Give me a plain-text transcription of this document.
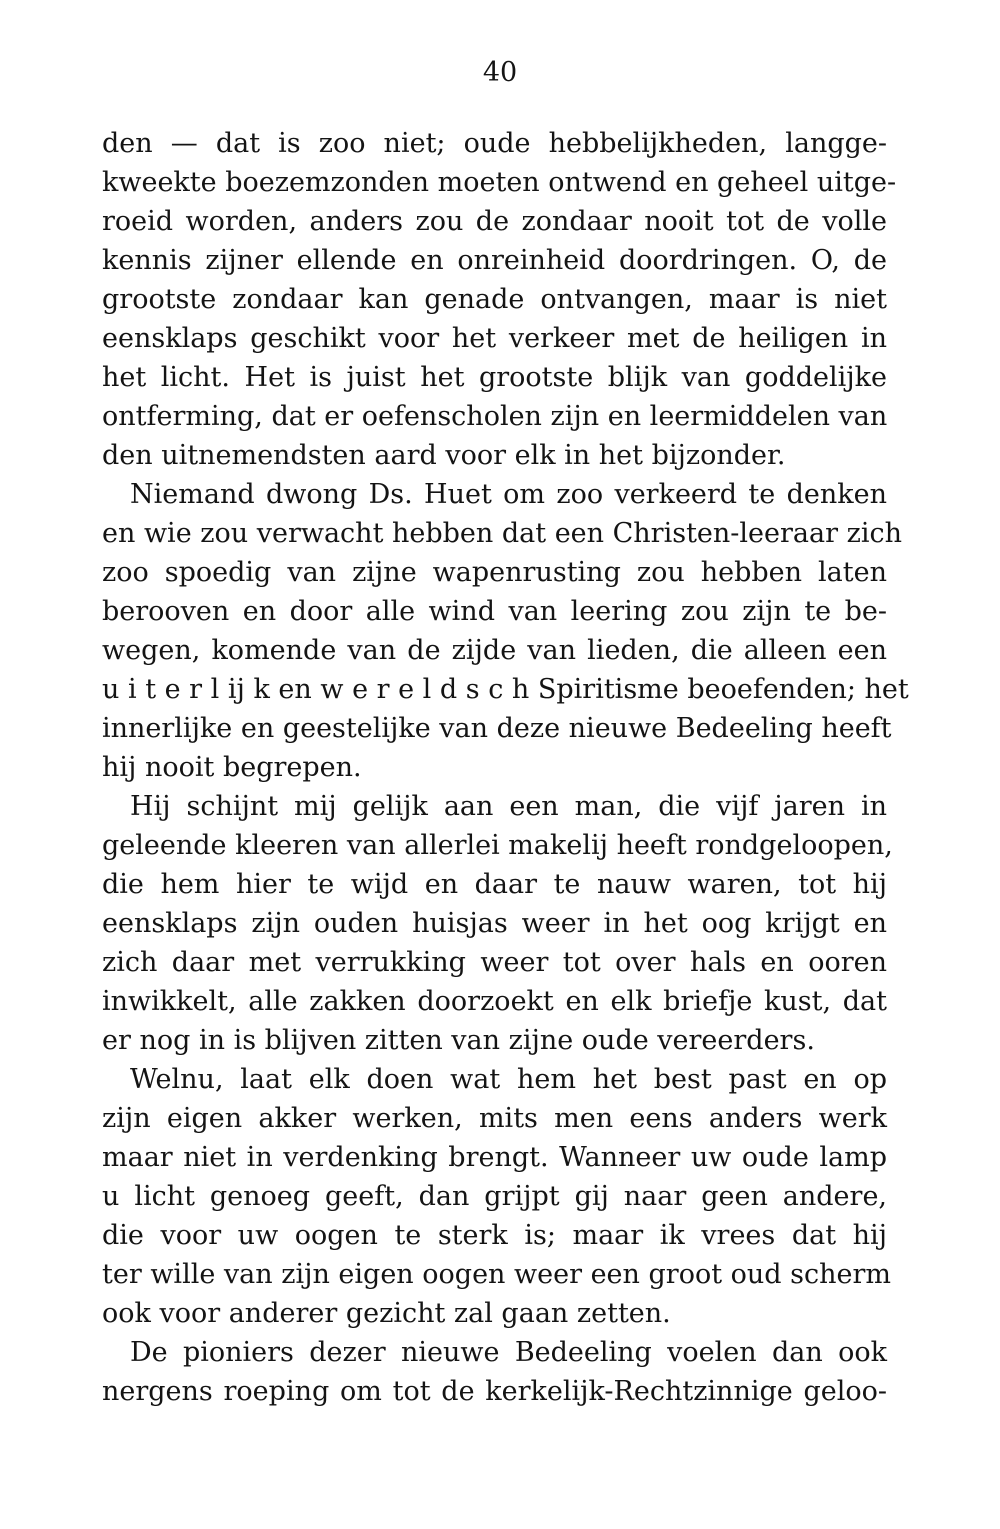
40
den — dat is zoo niet; oude hebbelijkheden, langge-
kweekte boezemzonden moeten ontwend en geheel uitge-
roeid worden, anders zou de zondaar nooit tot de volle
kennis zijner ellende en onreinheid doordringen. O, de
grootste zondaar kan genade ontvangen, maar is niet
eensklaps geschikt voor het verkeer met de heiligen in
het licht. Het is juist het grootste blijk van goddelijke
ontferming, dat er oefenscholen zijn en leermiddelen van
den uitnemendsten aard voor elk in het bijzonder.
Niemand dwong Ds. Huet om zoo verkeerd te denken
en wie zou verwacht hebben dat een Christen-leeraar zich
zoo spoedig van zijne wapenrusting zou hebben laten
berooven en door alle wind van leering zou zijn te be-
wegen, komende van de zijde van lieden, die alleen een
u i t e r l ij k en w e r e l d s c h Spiritisme beoefenden; het
innerlijke en geestelijke van deze nieuwe Bedeeling heeft
hij nooit begrepen.
Hij schijnt mij gelijk aan een man, die vijf jaren in
geleende kleeren van allerlei makelij heeft rondgeloopen,
die hem hier te wijd en daar te nauw waren, tot hij
eensklaps zijn ouden huisjas weer in het oog krijgt en
zich daar met verrukking weer tot over hals en ooren
inwikkelt, alle zakken doorzoekt en elk briefje kust, dat
er nog in is blijven zitten van zijne oude vereerders.
Welnu, laat elk doen wat hem het best past en op
zijn eigen akker werken, mits men eens anders werk
maar niet in verdenking brengt. Wanneer uw oude lamp
u licht genoeg geeft, dan grijpt gij naar geen andere,
die voor uw oogen te sterk is; maar ik vrees dat hij
ter wille van zijn eigen oogen weer een groot oud scherm
ook voor anderer gezicht zal gaan zetten.
De pioniers dezer nieuwe Bedeeling voelen dan ook
nergens roeping om tot de kerkelijk-Rechtzinnige geloo-
